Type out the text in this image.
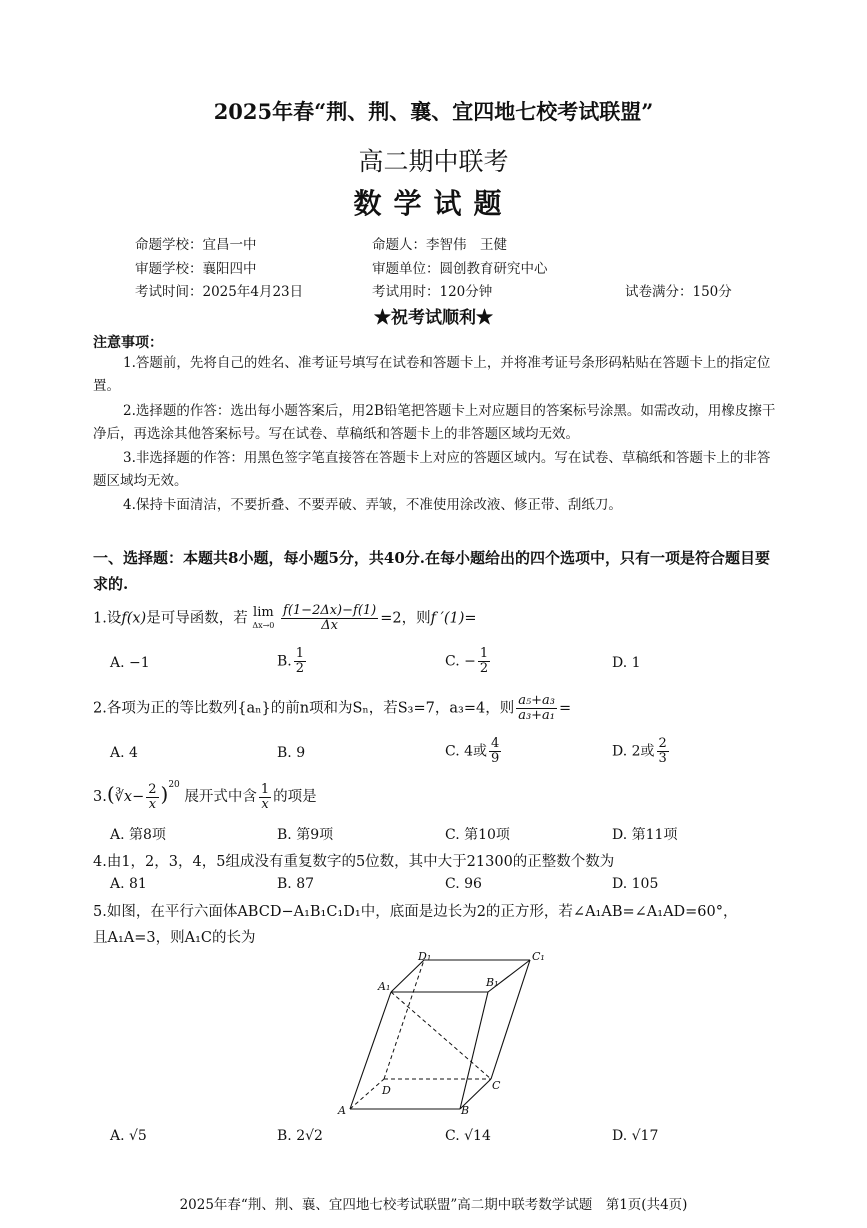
2025年春“荆、荆、襄、宜四地七校考试联盟”
高二期中联考
数学试题
命题学校：宜昌一中	命题人：李智伟　王健
审题学校：襄阳四中	审题单位：圆创教育研究中心
考试时间：2025年4月23日	考试用时：120分钟	试卷满分：150分
★祝考试顺利★
注意事项：
1.答题前，先将自己的姓名、准考证号填写在试卷和答题卡上，并将准考证号条形码粘贴在答题卡上的指定位置。
2.选择题的作答：选出每小题答案后，用2B铅笔把答题卡上对应题目的答案标号涂黑。如需改动，用橡皮擦干净后，再选涂其他答案标号。写在试卷、草稿纸和答题卡上的非答题区域均无效。
3.非选择题的作答：用黑色签字笔直接答在答题卡上对应的答题区域内。写在试卷、草稿纸和答题卡上的非答题区域均无效。
4.保持卡面清洁，不要折叠、不要弄破、弄皱，不准使用涂改液、修正带、刮纸刀。
一、选择题：本题共8小题，每小题5分，共40分.在每小题给出的四个选项中，只有一项是符合题目要求的.
1.设f(x)是可导函数，若 lim
Δx→0
$\frac{f(1-2\Delta x)-f(1)}{\Delta x} =2$，则f ′(1)=
A. −1	B. $\frac{1}{2}$	C. − $\frac{1}{2}$	D. 1
2.各项为正的等比数列{aₙ}的前n项和为Sₙ，若S₃=7，a₃=4，则 $\frac{\text{a₅+a₃}}{\text{a₃+a₁}}$ =
A. 4	B. 9	C. 4或 $\frac{4}{9}$	D. 2或 $\frac{2}{3}$
3.(∛x− $\frac{2}{x} )^{20}$ 展开式中含 $\frac{1}{x}$ 的项是
A. 第8项	B. 第9项	C. 第10项	D. 第11项
4.由1，2，3，4，5组成没有重复数字的5位数，其中大于21300的正整数个数为
A. 81	B. 87	C. 96	D. 105
5.如图，在平行六面体ABCD−A₁B₁C₁D₁中，底面是边长为2的正方形，若∠A₁AB=∠A₁AD=60°，
且A₁A=3，则A₁C的长为
A	B
C
D
A₁	B₁
C₁
D₁
A. √5	B. 2√2	C. √14	D. √17
2025年春“荆、荆、襄、宜四地七校考试联盟”高二期中联考数学试题　第1页(共4页)
